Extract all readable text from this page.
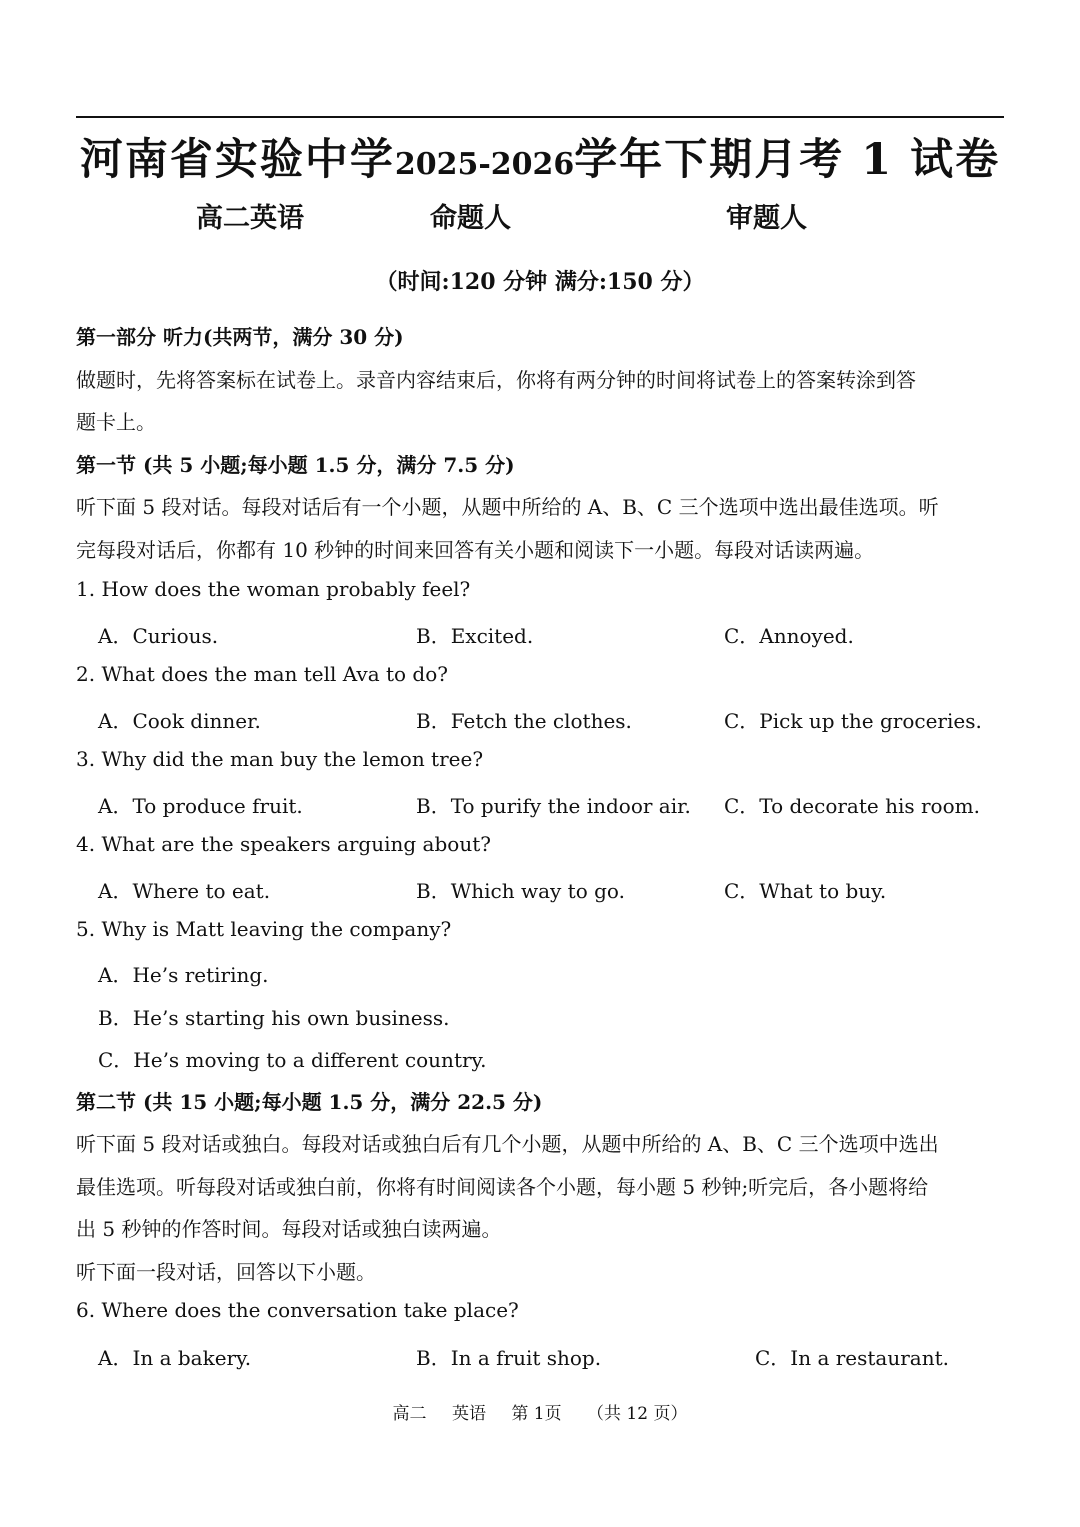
河南省实验中学2025-2026学年下期月考 1 试卷
高二英语	命题人	审题人
（时间:120 分钟 满分:150 分）
第一部分 听力(共两节，满分 30 分)
做题时，先将答案标在试卷上。录音内容结束后，你将有两分钟的时间将试卷上的答案转涂到答
题卡上。
第一节 (共 5 小题;每小题 1.5 分，满分 7.5 分)
听下面 5 段对话。每段对话后有一个小题，从题中所给的 A、B、C 三个选项中选出最佳选项。听
完每段对话后，你都有 10 秒钟的时间来回答有关小题和阅读下一小题。每段对话读两遍。
1. How does the woman probably feel?
A．Curious.	B．Excited.	C．Annoyed.
2. What does the man tell Ava to do?
A．Cook dinner.	B．Fetch the clothes.	C．Pick up the groceries.
3. Why did the man buy the lemon tree?
A．To produce fruit.	B．To purify the indoor air. C．To decorate his room.
4. What are the speakers arguing about?
A．Where to eat.	B．Which way to go.	C．What to buy.
5. Why is Matt leaving the company?
A．He’s retiring.
B．He’s starting his own business.
C．He’s moving to a different country.
第二节 (共 15 小题;每小题 1.5 分，满分 22.5 分)
听下面 5 段对话或独白。每段对话或独白后有几个小题，从题中所给的 A、B、C 三个选项中选出
最佳选项。听每段对话或独白前，你将有时间阅读各个小题，每小题 5 秒钟;听完后，各小题将给
出 5 秒钟的作答时间。每段对话或独白读两遍。
听下面一段对话，回答以下小题。
6. Where does the conversation take place?
A．In a bakery.	B．In a fruit shop.	C．In a restaurant.
高二 英语 第 1页 （共 12 页）
